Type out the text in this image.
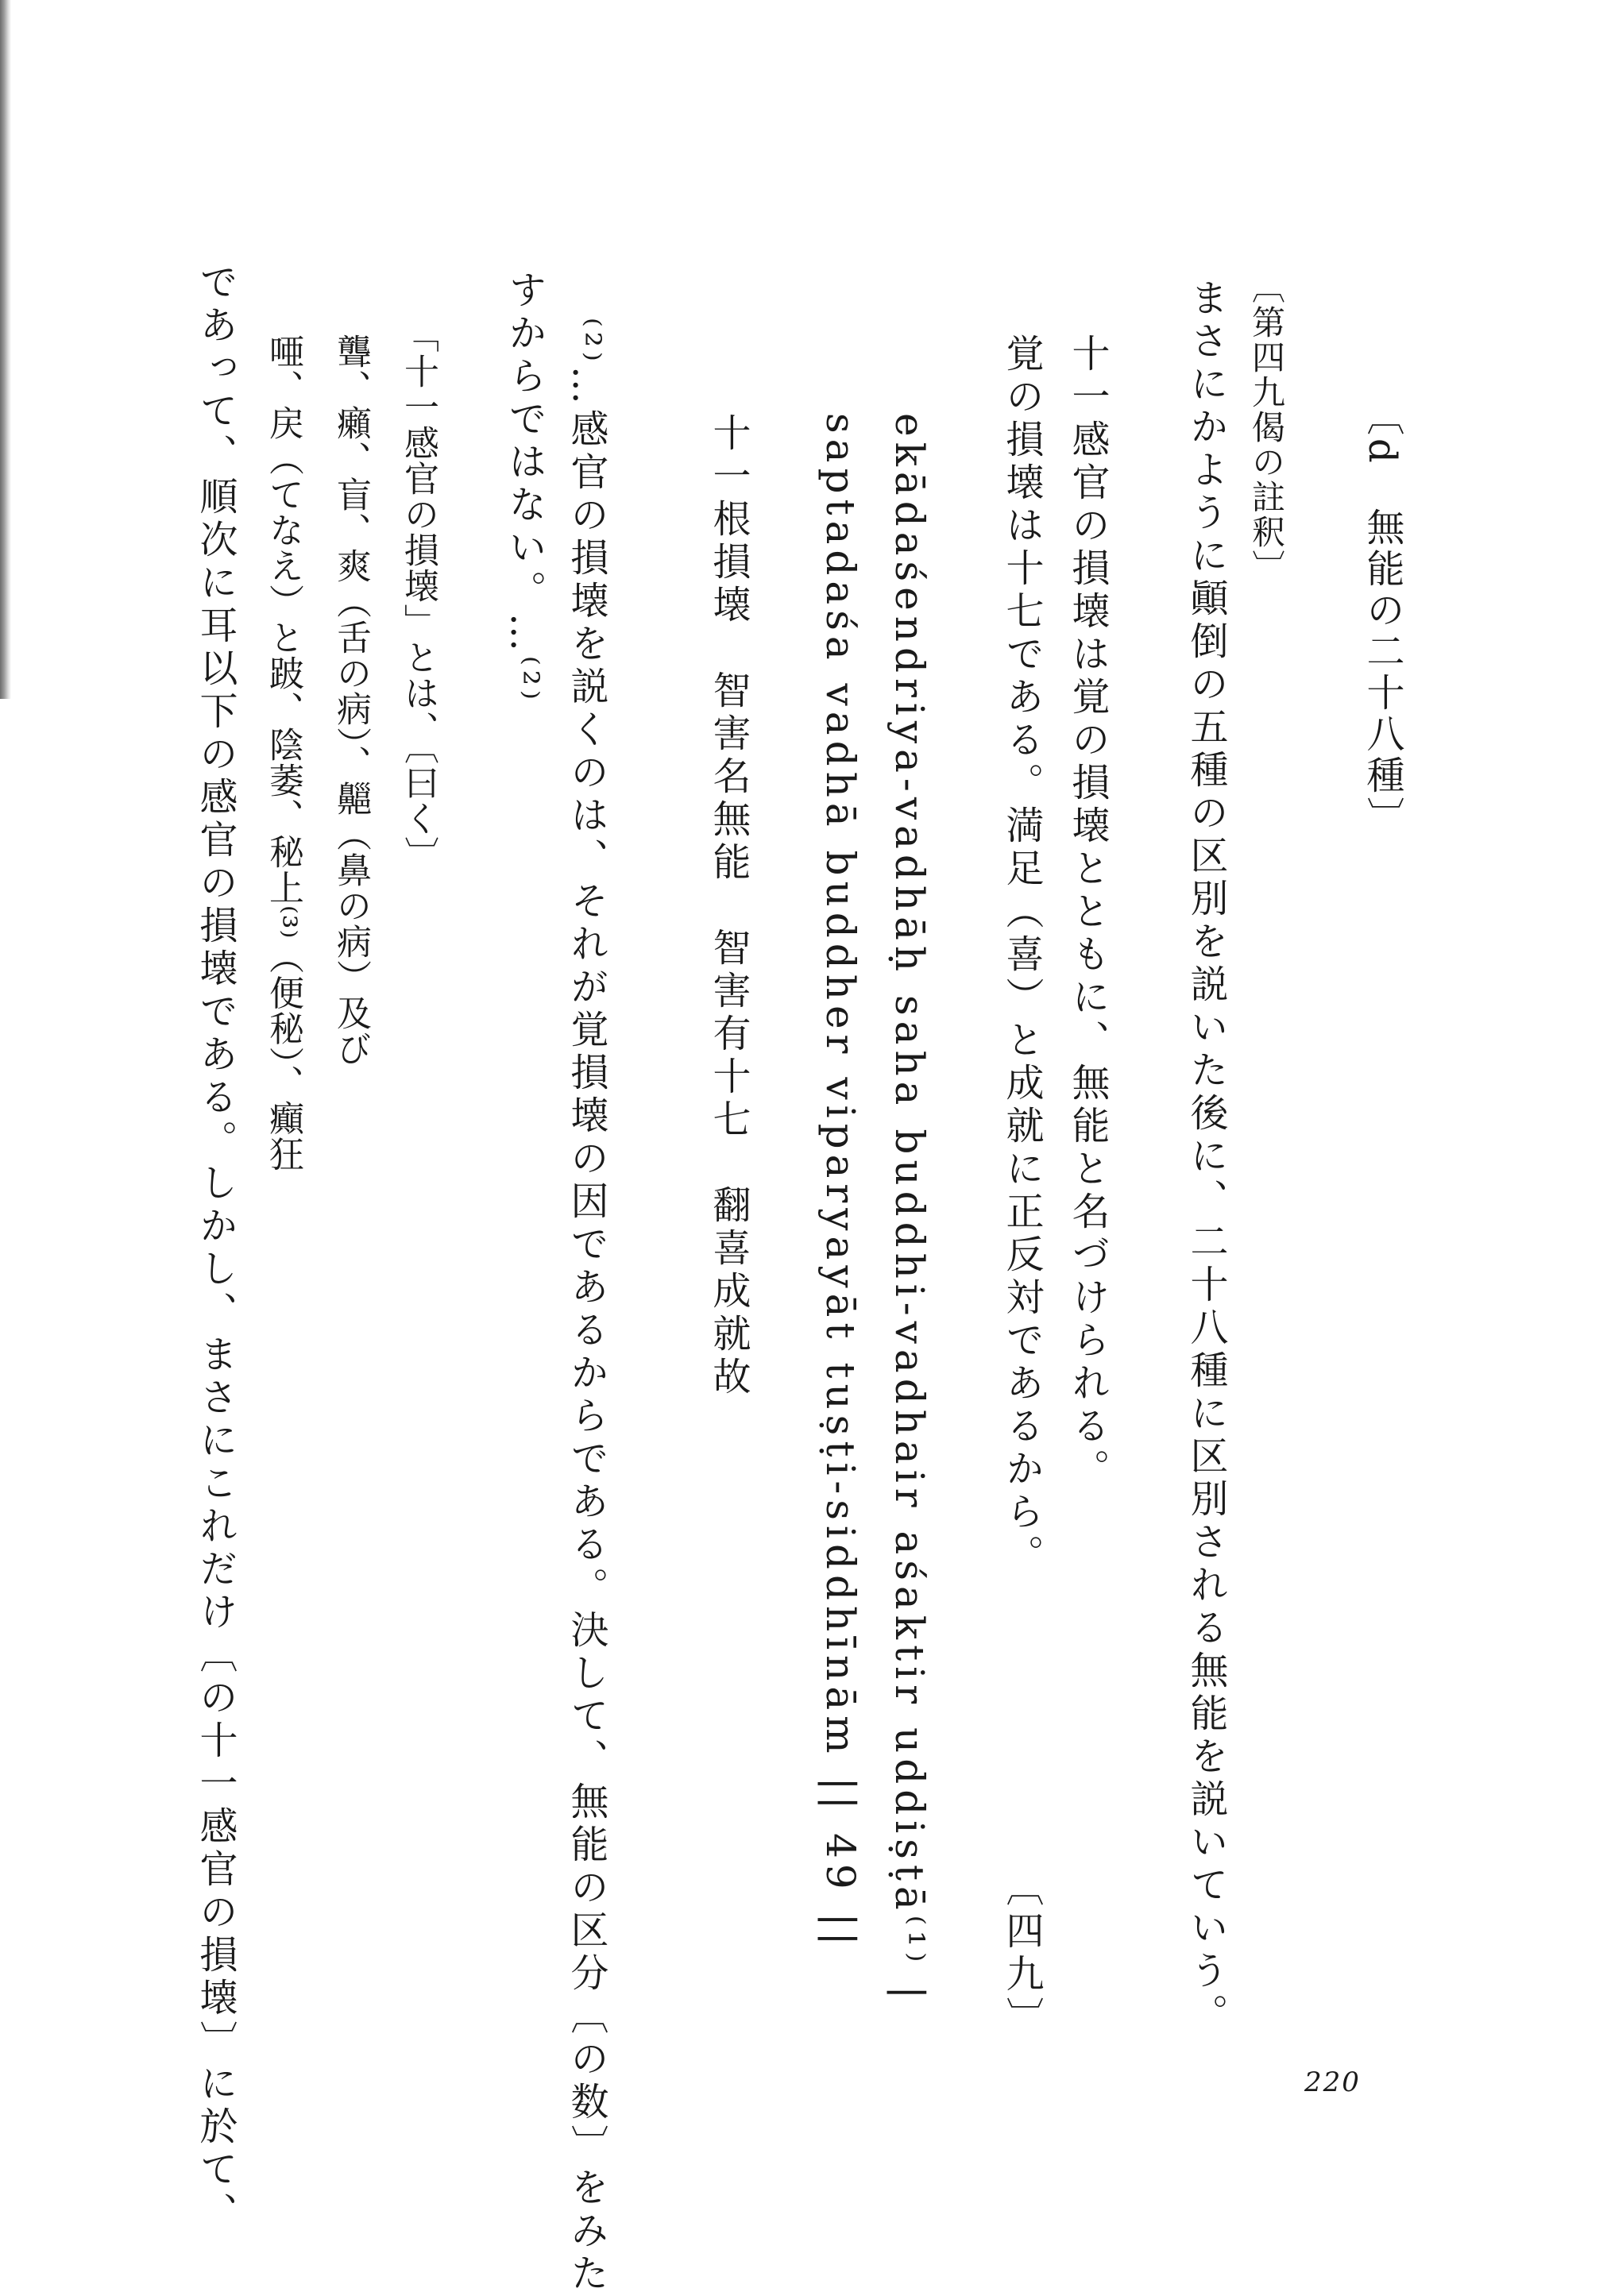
〔d　無能の二十八種〕
〔第四九偈の註釈〕
まさにかように顚倒の五種の区別を説いた後に、二十八種に区別される無能を説いていう。
十一感官の損壊は覚の損壊とともに、無能と名づけられる。
覚の損壊は十七である。満足（喜）と成就に正反対であるから。
〔四九〕
ekādaśendriya-vadhāḥ saha buddhi-vadhair aśaktir uddiṣṭā⁽¹⁾ |
saptadaśa vadhā buddher viparyayāt tuṣṭi-siddhīnām || 49 ||
十一根損壊　智害名無能　智害有十七　翻喜成就故
⁽²⁾…感官の損壊を説くのは、それが覚損壊の因であるからである。決して、無能の区分〔の数〕をみた
すからではない。…⁽²⁾
「十一感官の損壊」とは、〔曰く〕
聾、癩、盲、爽（舌の病）、齆（鼻の病）及び
唖、戻（てなえ）と跛、陰萎、秘上⁽³⁾（便秘）、癲狂
であって、順次に耳以下の感官の損壊である。しかし、まさにこれだけ〔の十一感官の損壊〕に於て、	220
